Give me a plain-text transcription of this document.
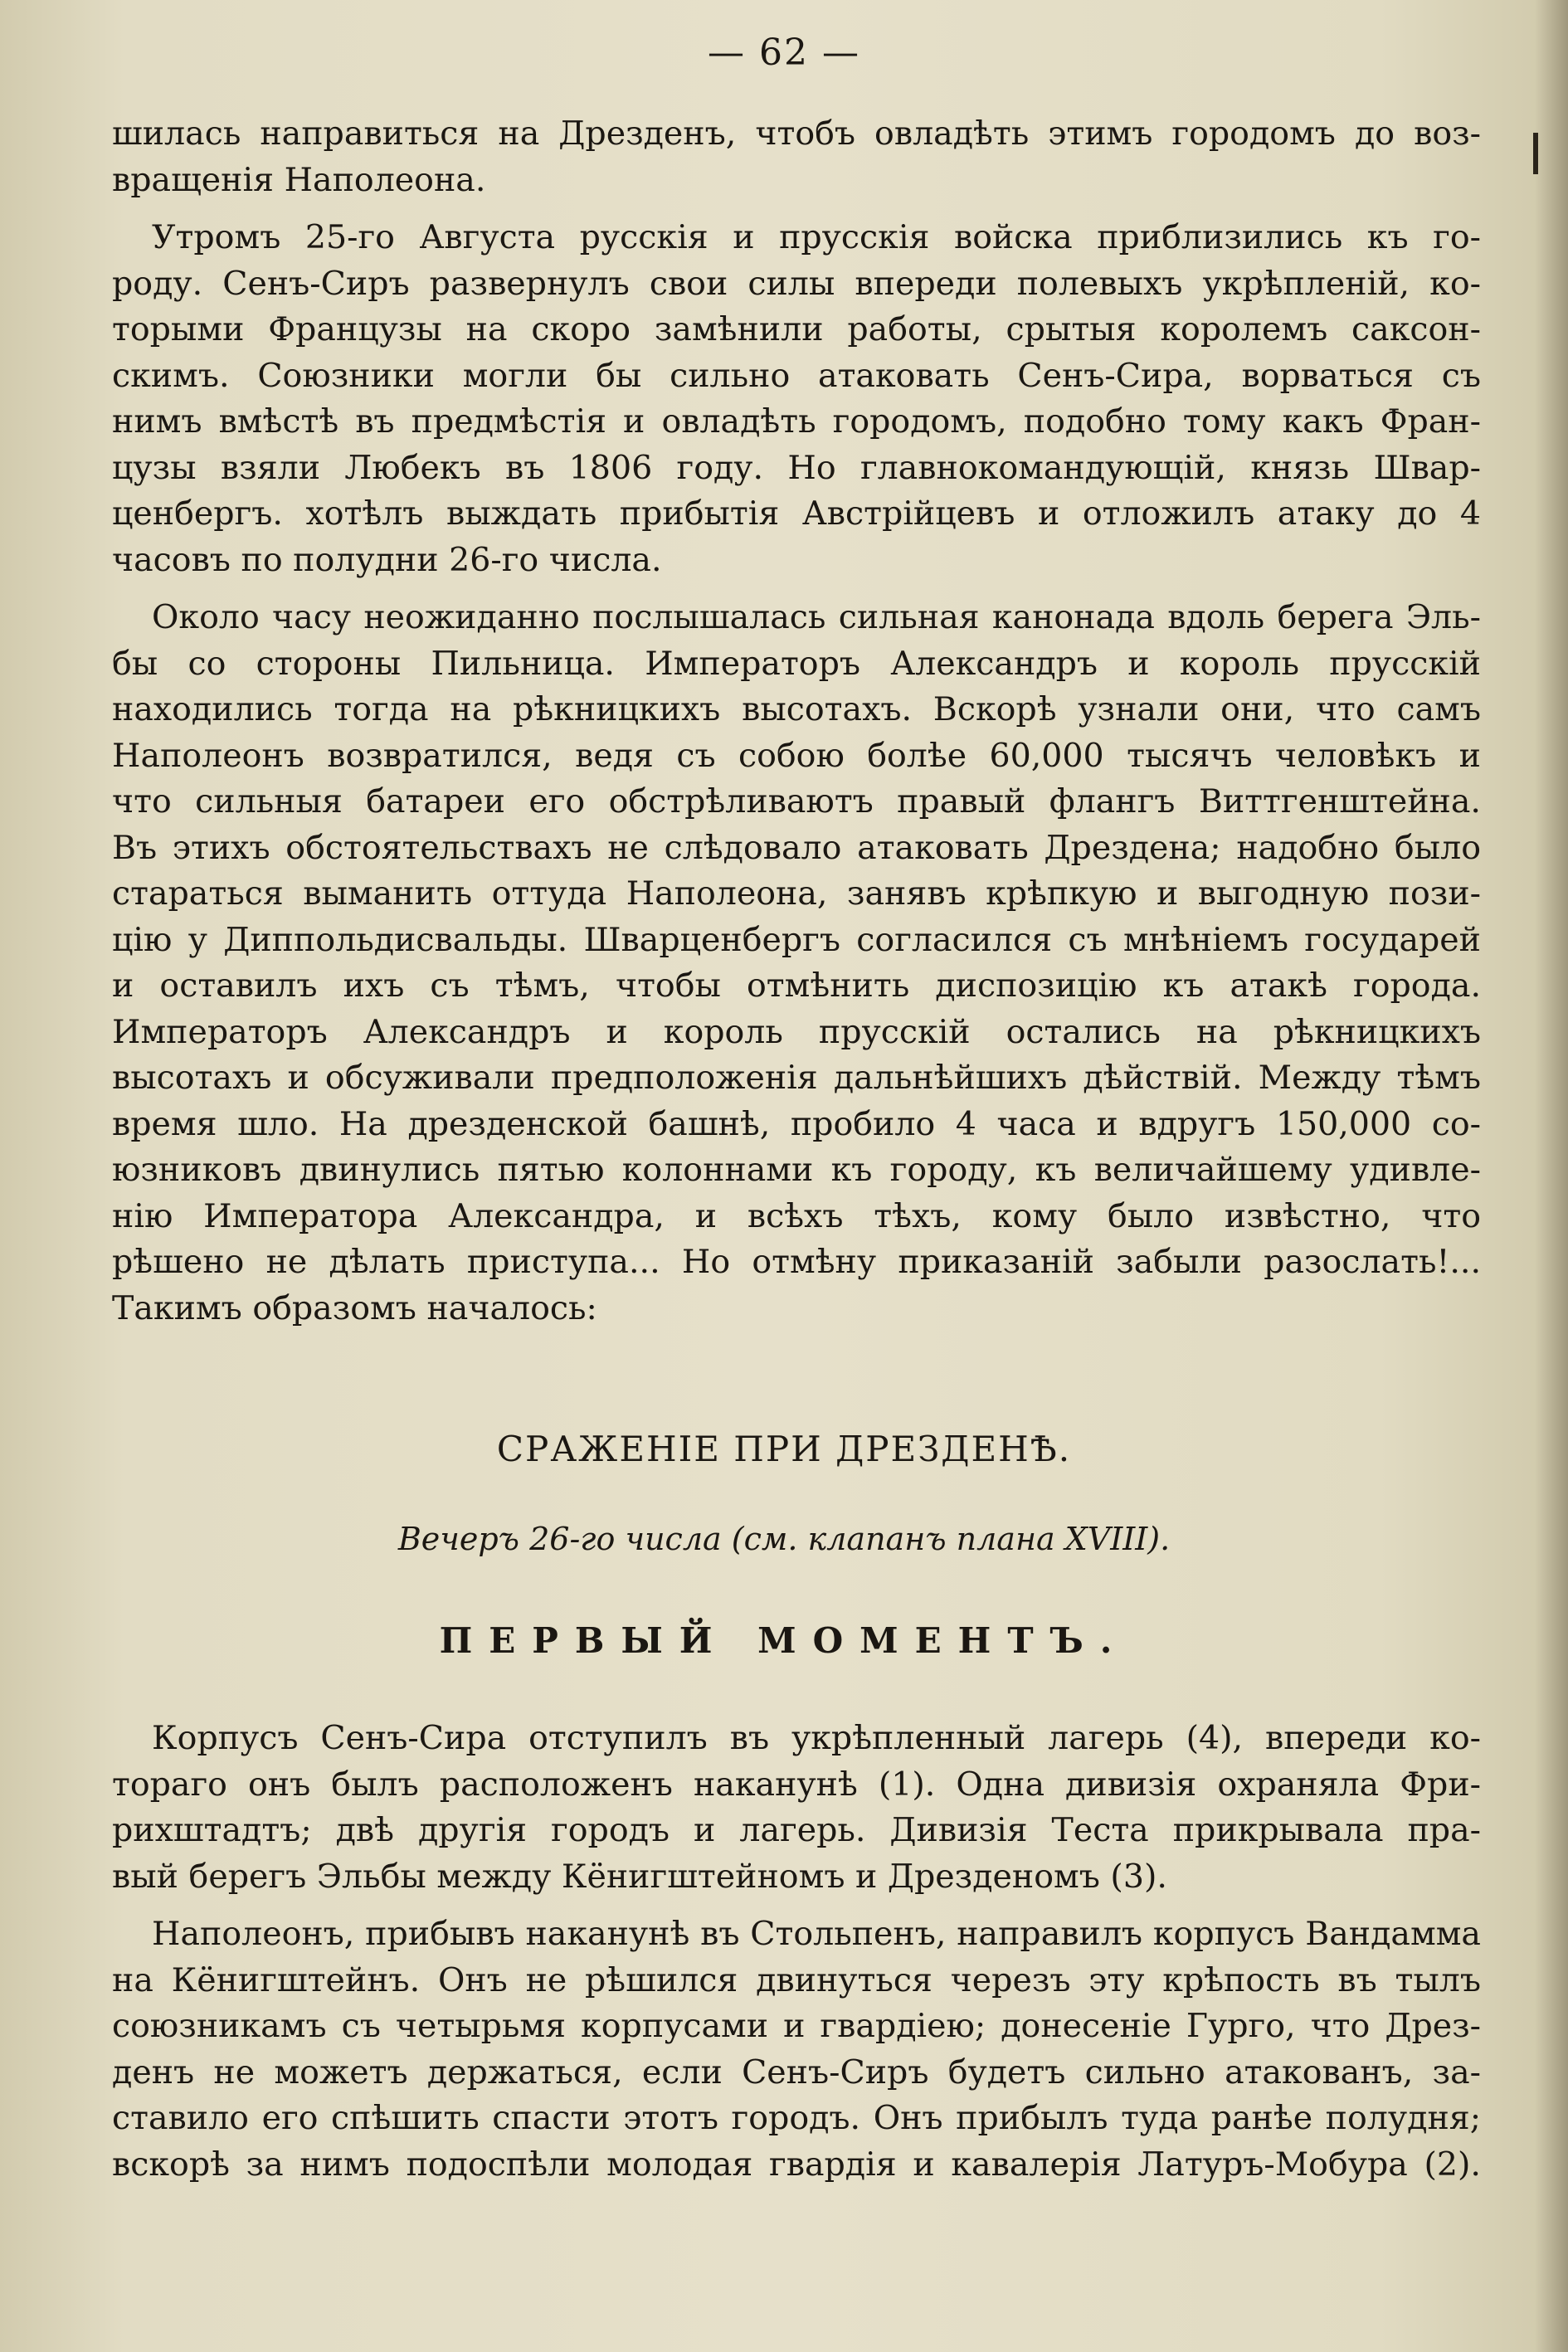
— 62 —
шилась направиться на Дрезденъ, чтобъ овладѣть этимъ городомъ до воз-
вращенія Наполеона.
Утромъ 25-го Августа русскія и прусскія войска приблизились къ го-
роду. Сенъ-Сиръ развернулъ свои силы впереди полевыхъ укрѣпленій, ко-
торыми Французы на скоро замѣнили работы, срытыя королемъ саксон-
скимъ. Союзники могли бы сильно атаковать Сенъ-Сира, ворваться съ
нимъ вмѣстѣ въ предмѣстія и овладѣть городомъ, подобно тому какъ Фран-
цузы взяли Любекъ въ 1806 году. Но главнокомандующій, князь Швар-
ценбергъ. хотѣлъ выждать прибытія Австрійцевъ и отложилъ атаку до 4
часовъ по полудни 26-го числа.
Около часу неожиданно послышалась сильная канонада вдоль берега Эль-
бы со стороны Пильница. Императоръ Александръ и король прусскій
находились тогда на рѣкницкихъ высотахъ. Вскорѣ узнали они, что самъ
Наполеонъ возвратился, ведя съ собою болѣе 60,000 тысячъ человѣкъ и
что сильныя батареи его обстрѣливаютъ правый флангъ Виттгенштейна.
Въ этихъ обстоятельствахъ не слѣдовало атаковать Дрездена; надобно было
стараться выманить оттуда Наполеона, занявъ крѣпкую и выгодную пози-
цію у Диппольдисвальды. Шварценбергъ согласился съ мнѣніемъ государей
и оставилъ ихъ съ тѣмъ, чтобы отмѣнить диспозицію къ атакѣ города.
Императоръ Александръ и король прусскій остались на рѣкницкихъ
высотахъ и обсуживали предположенія дальнѣйшихъ дѣйствій. Между тѣмъ
время шло. На дрезденской башнѣ, пробило 4 часа и вдругъ 150,000 со-
юзниковъ двинулись пятью колоннами къ городу, къ величайшему удивле-
нію Императора Александра, и всѣхъ тѣхъ, кому было извѣстно, что
рѣшено не дѣлать приступа... Но отмѣну приказаній забыли разослать!...
Такимъ образомъ началось:
СРАЖЕНІЕ ПРИ ДРЕЗДЕНѢ.
Вечеръ 26-го числа (см. клапанъ плана XVIII).
ПЕРВЫЙ МОМЕНТЪ.
Корпусъ Сенъ-Сира отступилъ въ укрѣпленный лагерь (4), впереди ко-
тораго онъ былъ расположенъ наканунѣ (1). Одна дивизія охраняла Фри-
рихштадтъ; двѣ другія городъ и лагерь. Дивизія Теста прикрывала пра-
вый берегъ Эльбы между Кёнигштейномъ и Дрезденомъ (3).
Наполеонъ, прибывъ наканунѣ въ Стольпенъ, направилъ корпусъ Вандамма
на Кёнигштейнъ. Онъ не рѣшился двинуться черезъ эту крѣпость въ тылъ
союзникамъ съ четырьмя корпусами и гвардіею; донесеніе Гурго, что Дрез-
денъ не можетъ держаться, если Сенъ-Сиръ будетъ сильно атакованъ, за-
ставило его спѣшить спасти этотъ городъ. Онъ прибылъ туда ранѣе полудня;
вскорѣ за нимъ подоспѣли молодая гвардія и кавалерія Латуръ-Мобура (2).
